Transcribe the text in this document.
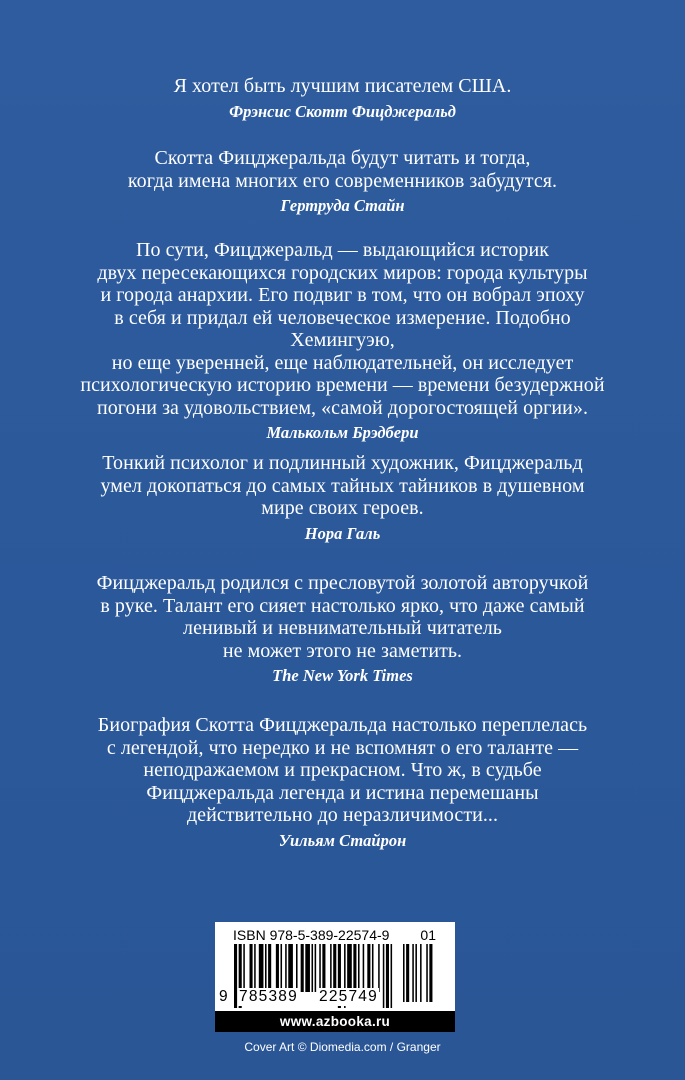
Я хотел быть лучшим писателем США.

Фрэнсис Скотт Фицджеральд

Скотта Фицджеральда будут читать и тогда,
когда имена многих его современников забудутся.

Гертруда Стайн

По сути, Фицджеральд — выдающийся историк
двух пересекающихся городских миров: города культуры
и города анархии. Его подвиг в том, что он вобрал эпоху
в себя и придал ей человеческое измерение. Подобно Хемингуэю,
но еще уверенней, еще наблюдательней, он исследует
психологическую историю времени — времени безудержной
погони за удовольствием, «самой дорогостоящей оргии».

Малькольм Брэдбери

Тонкий психолог и подлинный художник, Фицджеральд
умел докопаться до самых тайных тайников в душевном
мире своих героев.

Нора Галь

Фицджеральд родился с пресловутой золотой авторучкой
в руке. Талант его сияет настолько ярко, что даже самый
ленивый и невнимательный читатель
не может этого не заметить.

The New York Times

Биография Скотта Фицджеральда настолько переплелась
с легендой, что нередко и не вспомнят о его таланте —
неподражаемом и прекрасном. Что ж, в судьбе
Фицджеральда легенда и истина перемешаны
действительно до неразличимости...

Уильям Стайрон

ISBN 978-5-389-22574-9 01
9 785389 225749
www.azbooka.ru
Cover Art © Diomedia.com / Granger
